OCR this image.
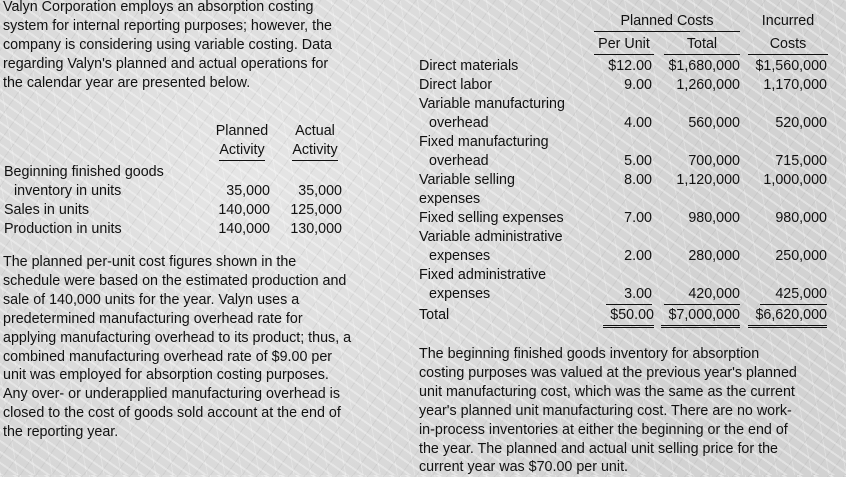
Valyn Corporation employs an absorption costing
system for internal reporting purposes; however, the
company is considering using variable costing. Data
regarding Valyn's planned and actual operations for
the calendar year are presented below.
Planned
Activity
Actual
Activity
Beginning finished goods
inventory in units	35,000	35,000
Sales in units	140,000	125,000
Production in units	140,000	130,000
The planned per-unit cost figures shown in the
schedule were based on the estimated production and
sale of 140,000 units for the year. Valyn uses a
predetermined manufacturing overhead rate for
applying manufacturing overhead to its product; thus, a
combined manufacturing overhead rate of $9.00 per
unit was employed for absorption costing purposes.
Any over- or underapplied manufacturing overhead is
closed to the cost of goods sold account at the end of
the reporting year.
Planned Costs
Per Unit	Total
Incurred
Costs
Direct materials	$12.00	$1,680,000	$1,560,000
Direct labor	9.00	1,260,000	1,170,000
Variable manufacturing
overhead	4.00	560,000	520,000
Fixed manufacturing
overhead	5.00	700,000	715,000
Variable selling
expenses
8.00	1,120,000	1,000,000
Fixed selling expenses	7.00	980,000	980,000
Variable administrative
expenses	2.00	280,000	250,000
Fixed administrative
expenses	3.00	420,000	425,000
Total	$50.00	$7,000,000	$6,620,000
The beginning finished goods inventory for absorption
costing purposes was valued at the previous year's planned
unit manufacturing cost, which was the same as the current
year's planned unit manufacturing cost. There are no work-
in-process inventories at either the beginning or the end of
the year. The planned and actual unit selling price for the
current year was $70.00 per unit.
